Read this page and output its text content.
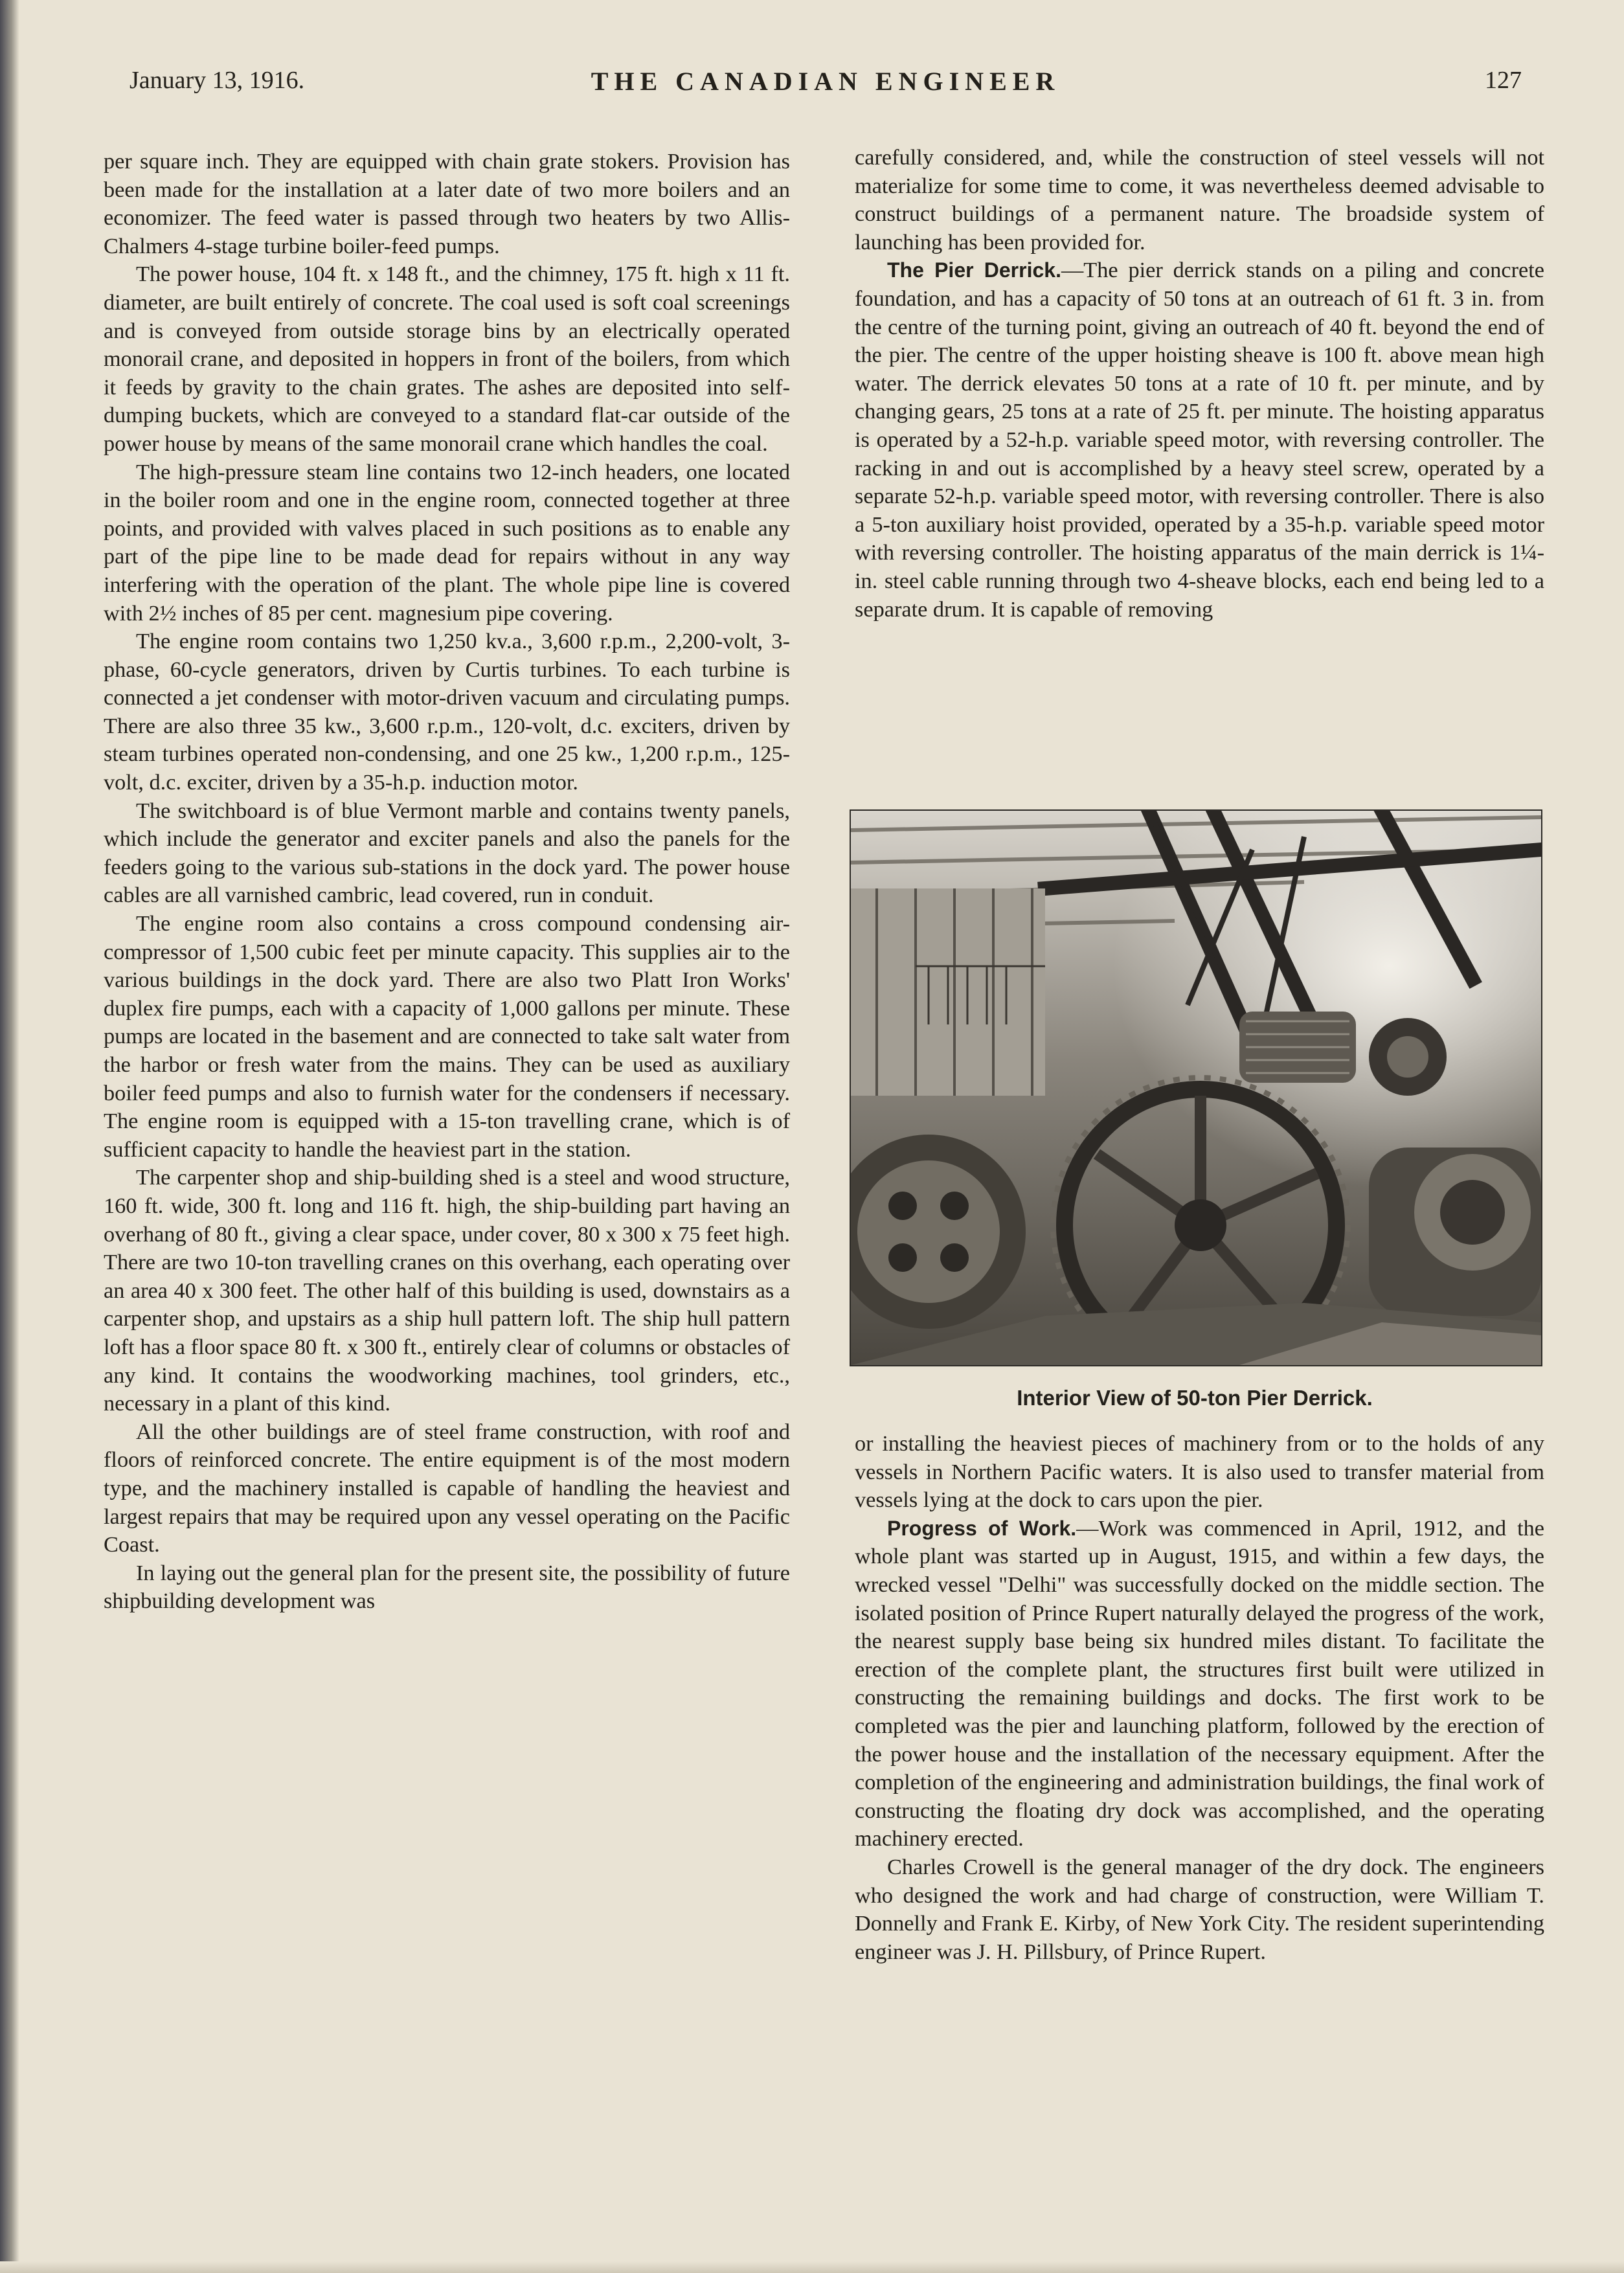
January 13, 1916.	THE CANADIAN ENGINEER	127

per square inch. They are equipped with chain grate stokers. Provision has been made for the installation at a later date of two more boilers and an economizer. The feed water is passed through two heaters by two Allis-Chalmers 4-stage turbine boiler-feed pumps.

The power house, 104 ft. x 148 ft., and the chimney, 175 ft. high x 11 ft. diameter, are built entirely of concrete. The coal used is soft coal screenings and is conveyed from outside storage bins by an electrically operated monorail crane, and deposited in hoppers in front of the boilers, from which it feeds by gravity to the chain grates. The ashes are deposited into self-dumping buckets, which are conveyed to a standard flat-car outside of the power house by means of the same monorail crane which handles the coal.

The high-pressure steam line contains two 12-inch headers, one located in the boiler room and one in the engine room, connected together at three points, and provided with valves placed in such positions as to enable any part of the pipe line to be made dead for repairs without in any way interfering with the operation of the plant. The whole pipe line is covered with 2½ inches of 85 per cent. magnesium pipe covering.

The engine room contains two 1,250 kv.a., 3,600 r.p.m., 2,200-volt, 3-phase, 60-cycle generators, driven by Curtis turbines. To each turbine is connected a jet condenser with motor-driven vacuum and circulating pumps. There are also three 35 kw., 3,600 r.p.m., 120-volt, d.c. exciters, driven by steam turbines operated non-condensing, and one 25 kw., 1,200 r.p.m., 125-volt, d.c. exciter, driven by a 35-h.p. induction motor.

The switchboard is of blue Vermont marble and contains twenty panels, which include the generator and exciter panels and also the panels for the feeders going to the various sub-stations in the dock yard. The power house cables are all varnished cambric, lead covered, run in conduit.

The engine room also contains a cross compound condensing air-compressor of 1,500 cubic feet per minute capacity. This supplies air to the various buildings in the dock yard. There are also two Platt Iron Works' duplex fire pumps, each with a capacity of 1,000 gallons per minute. These pumps are located in the basement and are connected to take salt water from the harbor or fresh water from the mains. They can be used as auxiliary boiler feed pumps and also to furnish water for the condensers if necessary. The engine room is equipped with a 15-ton travelling crane, which is of sufficient capacity to handle the heaviest part in the station.

The carpenter shop and ship-building shed is a steel and wood structure, 160 ft. wide, 300 ft. long and 116 ft. high, the ship-building part having an overhang of 80 ft., giving a clear space, under cover, 80 x 300 x 75 feet high. There are two 10-ton travelling cranes on this overhang, each operating over an area 40 x 300 feet. The other half of this building is used, downstairs as a carpenter shop, and upstairs as a ship hull pattern loft. The ship hull pattern loft has a floor space 80 ft. x 300 ft., entirely clear of columns or obstacles of any kind. It contains the woodworking machines, tool grinders, etc., necessary in a plant of this kind.

All the other buildings are of steel frame construction, with roof and floors of reinforced concrete. The entire equipment is of the most modern type, and the machinery installed is capable of handling the heaviest and largest repairs that may be required upon any vessel operating on the Pacific Coast.

In laying out the general plan for the present site, the possibility of future shipbuilding development was

carefully considered, and, while the construction of steel vessels will not materialize for some time to come, it was nevertheless deemed advisable to construct buildings of a permanent nature. The broadside system of launching has been provided for.

The Pier Derrick.—The pier derrick stands on a piling and concrete foundation, and has a capacity of 50 tons at an outreach of 61 ft. 3 in. from the centre of the turning point, giving an outreach of 40 ft. beyond the end of the pier. The centre of the upper hoisting sheave is 100 ft. above mean high water. The derrick elevates 50 tons at a rate of 10 ft. per minute, and by changing gears, 25 tons at a rate of 25 ft. per minute. The hoisting apparatus is operated by a 52-h.p. variable speed motor, with reversing controller. The racking in and out is accomplished by a heavy steel screw, operated by a separate 52-h.p. variable speed motor, with reversing controller. There is also a 5-ton auxiliary hoist provided, operated by a 35-h.p. variable speed motor with reversing controller. The hoisting apparatus of the main derrick is 1¼-in. steel cable running through two 4-sheave blocks, each end being led to a separate drum. It is capable of removing

Interior View of 50-ton Pier Derrick.

or installing the heaviest pieces of machinery from or to the holds of any vessels in Northern Pacific waters. It is also used to transfer material from vessels lying at the dock to cars upon the pier.

Progress of Work.—Work was commenced in April, 1912, and the whole plant was started up in August, 1915, and within a few days, the wrecked vessel "Delhi" was successfully docked on the middle section. The isolated position of Prince Rupert naturally delayed the progress of the work, the nearest supply base being six hundred miles distant. To facilitate the erection of the complete plant, the structures first built were utilized in constructing the remaining buildings and docks. The first work to be completed was the pier and launching platform, followed by the erection of the power house and the installation of the necessary equipment. After the completion of the engineering and administration buildings, the final work of constructing the floating dry dock was accomplished, and the operating machinery erected.

Charles Crowell is the general manager of the dry dock. The engineers who designed the work and had charge of construction, were William T. Donnelly and Frank E. Kirby, of New York City. The resident superintending engineer was J. H. Pillsbury, of Prince Rupert.
